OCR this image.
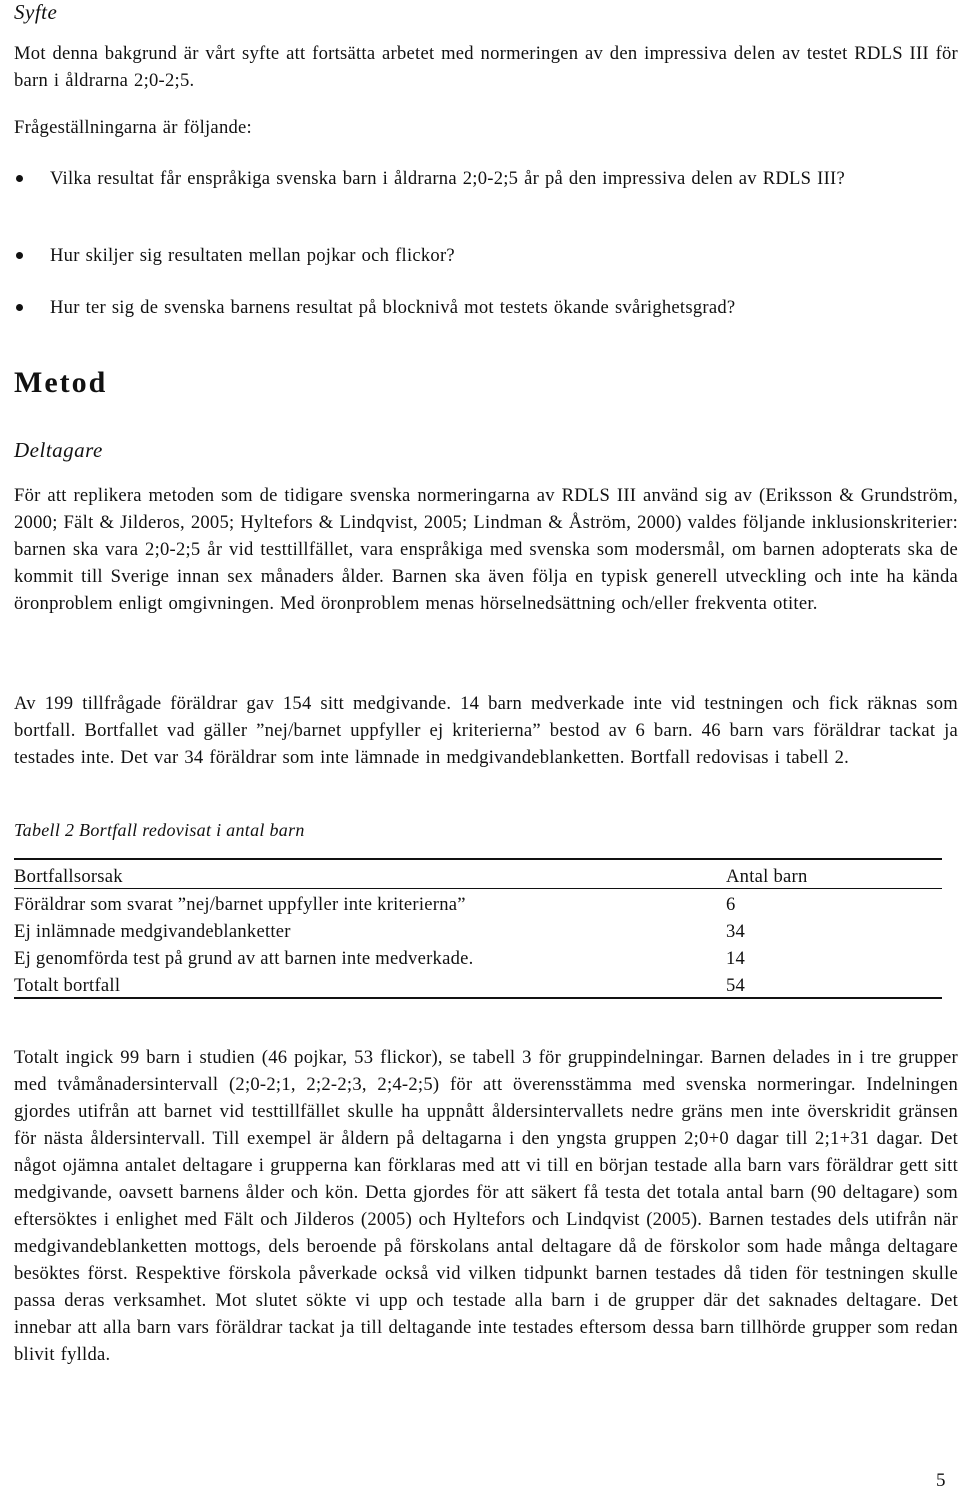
Syfte
Mot denna bakgrund är vårt syfte att fortsätta arbetet med normeringen av den impressiva delen av testet RDLS III för barn i åldrarna 2;0-2;5.
Frågeställningarna är följande:
Vilka resultat får enspråkiga svenska barn i åldrarna 2;0-2;5 år på den impressiva delen av RDLS III?
Hur skiljer sig resultaten mellan pojkar och flickor?
Hur ter sig de svenska barnens resultat på blocknivå mot testets ökande svårighetsgrad?
Metod
Deltagare
För att replikera metoden som de tidigare svenska normeringarna av RDLS III använd sig av (Eriksson & Grundström, 2000; Fält & Jilderos, 2005; Hyltefors & Lindqvist, 2005; Lindman & Åström, 2000) valdes följande inklusionskriterier: barnen ska vara 2;0-2;5 år vid testtillfället, vara enspråkiga med svenska som modersmål, om barnen adopterats ska de kommit till Sverige innan sex månaders ålder. Barnen ska även följa en typisk generell utveckling och inte ha kända öronproblem enligt omgivningen. Med öronproblem menas hörselnedsättning och/eller frekventa otiter.
Av 199 tillfrågade föräldrar gav 154 sitt medgivande. 14 barn medverkade inte vid testningen och fick räknas som bortfall. Bortfallet vad gäller ”nej/barnet uppfyller ej kriterierna” bestod av 6 barn. 46 barn vars föräldrar tackat ja testades inte. Det var 34 föräldrar som inte lämnade in medgivandeblanketten. Bortfall redovisas i tabell 2.
Tabell 2 Bortfall redovisat i antal barn
Bortfallsorsak	Antal barn
Föräldrar som svarat ”nej/barnet uppfyller inte kriterierna”	6
Ej inlämnade medgivandeblanketter	34
Ej genomförda test på grund av att barnen inte medverkade.	14
Totalt bortfall	54
Totalt ingick 99 barn i studien (46 pojkar, 53 flickor), se tabell 3 för gruppindelningar. Barnen delades in i tre grupper med tvåmånadersintervall (2;0-2;1, 2;2-2;3, 2;4-2;5) för att överensstämma med svenska normeringar. Indelningen gjordes utifrån att barnet vid testtillfället skulle ha uppnått åldersintervallets nedre gräns men inte överskridit gränsen för nästa åldersintervall. Till exempel är åldern på deltagarna i den yngsta gruppen 2;0+0 dagar till 2;1+31 dagar. Det något ojämna antalet deltagare i grupperna kan förklaras med att vi till en början testade alla barn vars föräldrar gett sitt medgivande, oavsett barnens ålder och kön. Detta gjordes för att säkert få testa det totala antal barn (90 deltagare) som eftersöktes i enlighet med Fält och Jilderos (2005) och Hyltefors och Lindqvist (2005). Barnen testades dels utifrån när medgivandeblanketten mottogs, dels beroende på förskolans antal deltagare då de förskolor som hade många deltagare besöktes först. Respektive förskola påverkade också vid vilken tidpunkt barnen testades då tiden för testningen skulle passa deras verksamhet. Mot slutet sökte vi upp och testade alla barn i de grupper där det saknades deltagare. Det innebar att alla barn vars föräldrar tackat ja till deltagande inte testades eftersom dessa barn tillhörde grupper som redan blivit fyllda.
5
